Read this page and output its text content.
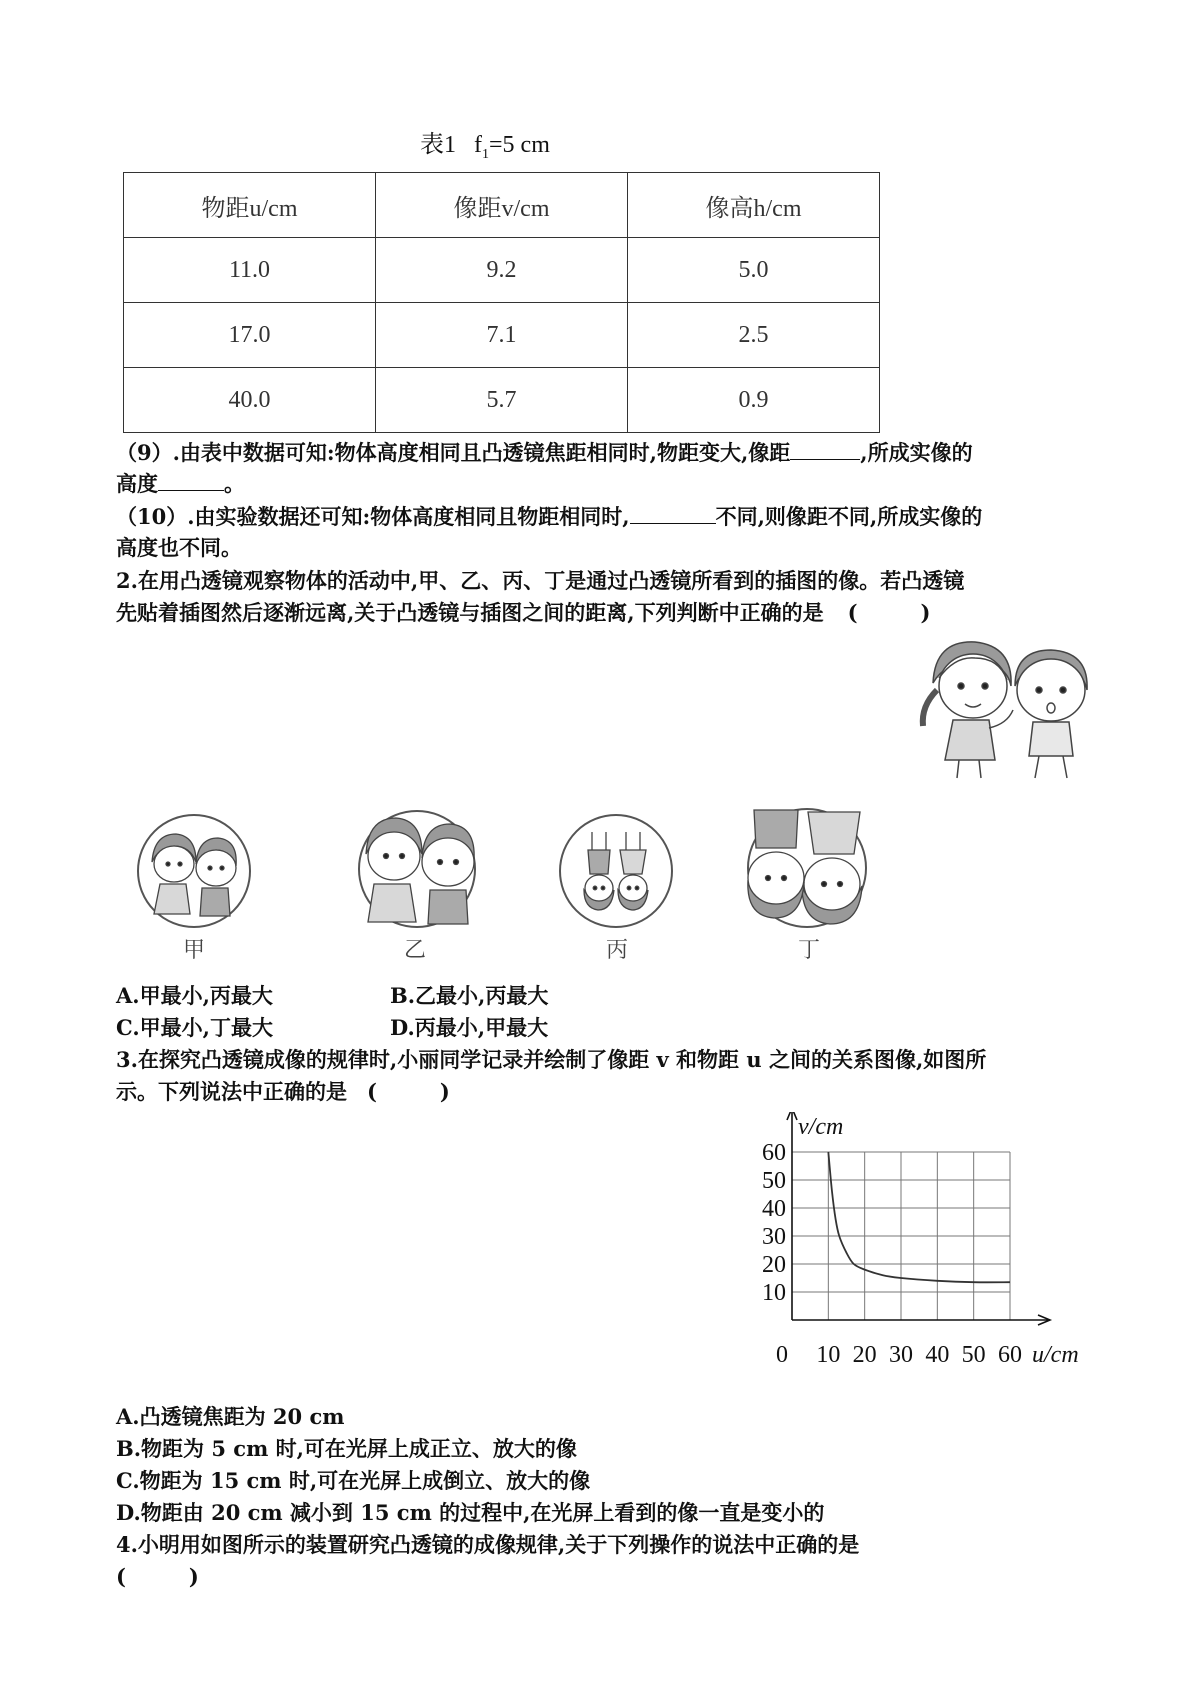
表1 $f_1=5$ cm
物距u/cm	像距v/cm	像高h/cm
11.0	9.2	5.0
17.0	7.1	2.5
40.0	5.7	0.9
（9）.由表中数据可知:物体高度相同且凸透镜焦距相同时,物距变大,像距	,所成实像的
高度	。
（10）.由实验数据还可知:物体高度相同且物距相同时,	不同,则像距不同,所成实像的
高度也不同。
2.在用凸透镜观察物体的活动中,甲、乙、丙、丁是通过凸透镜所看到的插图的像。若凸透镜
先贴着插图然后逐渐远离,关于凸透镜与插图之间的距离,下列判断中正确的是 (　　　)
甲	乙	丙	丁
A.甲最小,丙最大	B.乙最小,丙最大
C.甲最小,丁最大	D.丙最小,甲最大
3.在探究凸透镜成像的规律时,小丽同学记录并绘制了像距 v 和物距 u 之间的关系图像,如图所
示。下列说法中正确的是 (　　　)
v/cm
60
50
40
30
20
10
0 10 20 30 40 50 60 u/cm
A.凸透镜焦距为 20 cm
B.物距为 5 cm 时,可在光屏上成正立、放大的像
C.物距为 15 cm 时,可在光屏上成倒立、放大的像
D.物距由 20 cm 减小到 15 cm 的过程中,在光屏上看到的像一直是变小的
4.小明用如图所示的装置研究凸透镜的成像规律,关于下列操作的说法中正确的是
(　　　)
